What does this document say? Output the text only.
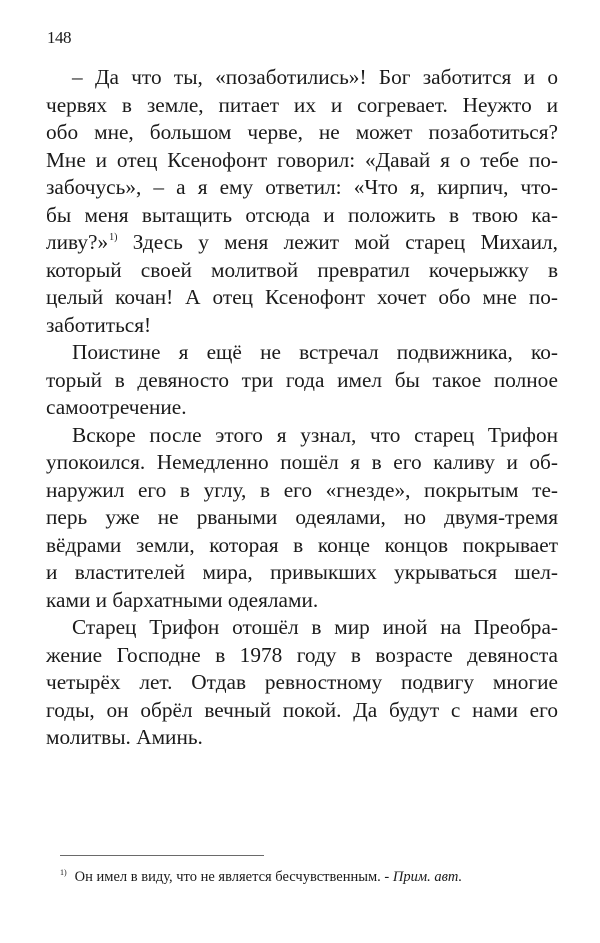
148
– Да что ты, «позаботились»! Бог заботится и о
червях в земле, питает их и согревает. Неужто и
обо мне, большом черве, не может позаботиться?
Мне и отец Ксенофонт говорил: «Давай я о тебе по-
забочусь», – а я ему ответил: «Что я, кирпич, что-
бы меня вытащить отсюда и положить в твою ка-
ливу?»$^{1)}$ Здесь у меня лежит мой старец Михаил,
который своей молитвой превратил кочерыжку в
целый кочан! А отец Ксенофонт хочет обо мне по-
заботиться!
Поистине я ещё не встречал подвижника, ко-
торый в девяносто три года имел бы такое полное
самоотречение.
Вскоре после этого я узнал, что старец Трифон
упокоился. Немедленно пошёл я в его каливу и об-
наружил его в углу, в его «гнезде», покрытым те-
перь уже не рваными одеялами, но двумя-тремя
вёдрами земли, которая в конце концов покрывает
и властителей мира, привыкших укрываться шел-
ками и бархатными одеялами.
Старец Трифон отошёл в мир иной на Преобра-
жение Господне в 1978 году в возрасте девяноста
четырёх лет. Отдав ревностному подвигу многие
годы, он обрёл вечный покой. Да будут с нами его
молитвы. Аминь.
$^{1)}$ Он имел в виду, что не является бесчувственным. - Прим. авт.
